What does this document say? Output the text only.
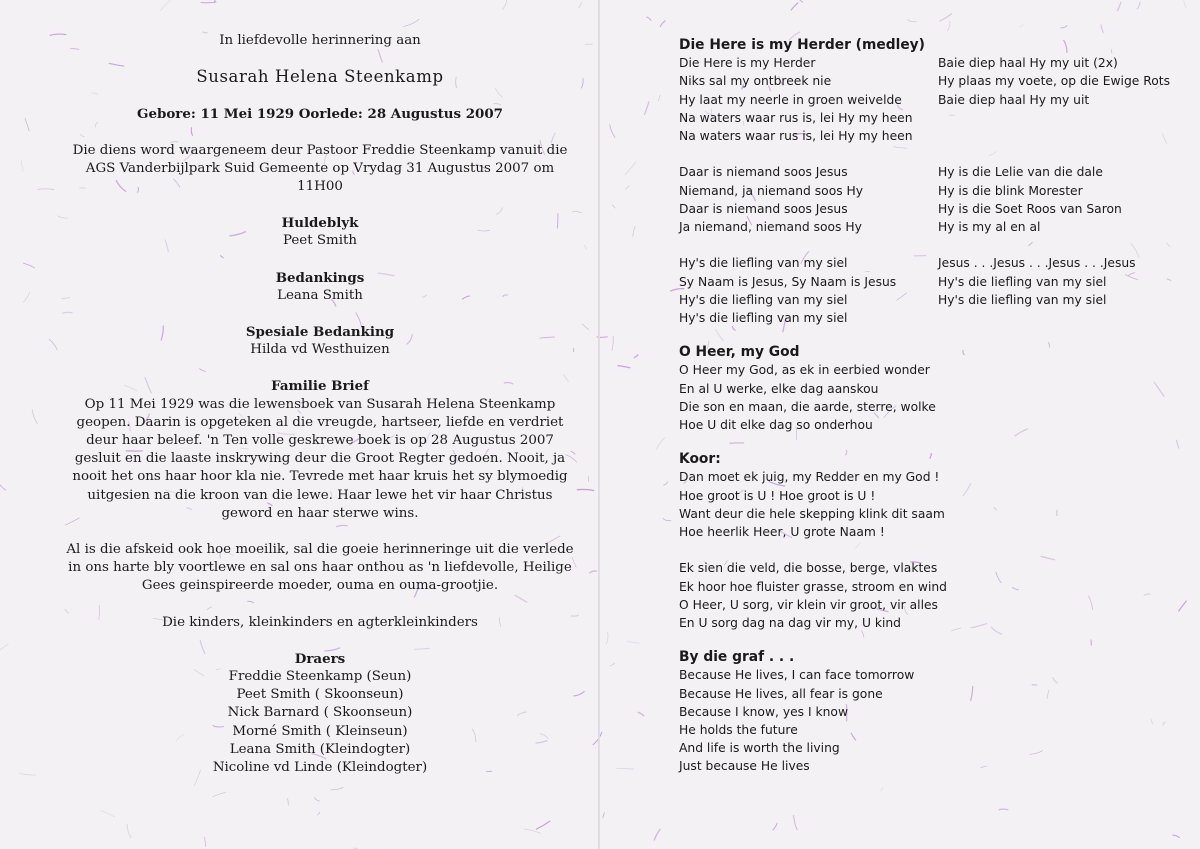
In liefdevolle herinnering aan

Susarah Helena Steenkamp

Gebore: 11 Mei 1929 Oorlede: 28 Augustus 2007

Die diens word waargeneem deur Pastoor Freddie Steenkamp vanuit die AGS Vanderbijlpark Suid Gemeente op Vrydag 31 Augustus 2007 om 11H00

Huldeblyk

Peet Smith

Bedankings

Leana Smith

Spesiale Bedanking

Hilda vd Westhuizen

Familie Brief

Op 11 Mei 1929 was die lewensboek van Susarah Helena Steenkamp geopen. Daarin is opgeteken al die vreugde, hartseer, liefde en verdriet deur haar beleef. 'n Ten volle geskrewe boek is op 28 Augustus 2007 gesluit en die laaste inskrywing deur die Groot Regter gedoen. Nooit, ja nooit het ons haar hoor kla nie. Tevrede met haar kruis het sy blymoedig uitgesien na die kroon van die lewe. Haar lewe het vir haar Christus geword en haar sterwe wins.

Al is die afskeid ook hoe moeilik, sal die goeie herinneringe uit die verlede in ons harte bly voortlewe en sal ons haar onthou as 'n liefdevolle, Heilige Gees geinspireerde moeder, ouma en ouma-grootjie.

Die kinders, kleinkinders en agterkleinkinders

Draers

Freddie Steenkamp (Seun)

Peet Smith ( Skoonseun)

Nick Barnard ( Skoonseun)

Morné Smith ( Kleinseun)

Leana Smith (Kleindogter)

Nicoline vd Linde (Kleindogter)

Die Here is my Herder (medley)
Die Here is my Herder
Niks sal my ontbreek nie
Hy laat my neerle in groen weivelde
Na waters waar rus is, lei Hy my heen
Na waters waar rus is, lei Hy my heen
Baie diep haal Hy my uit (2x)
Hy plaas my voete, op die Ewige Rots
Baie diep haal Hy my uit
Daar is niemand soos Jesus
Niemand, ja niemand soos Hy
Daar is niemand soos Jesus
Ja niemand, niemand soos Hy
Hy is die Lelie van die dale
Hy is die blink Morester
Hy is die Soet Roos van Saron
Hy is my al en al
Hy's die liefling van my siel
Sy Naam is Jesus, Sy Naam is Jesus
Hy's die liefling van my siel
Hy's die liefling van my siel
Jesus . . .Jesus . . .Jesus . . .Jesus
Hy's die liefling van my siel
Hy's die liefling van my siel
O Heer, my God
O Heer my God, as ek in eerbied wonder
En al U werke, elke dag aanskou
Die son en maan, die aarde, sterre, wolke
Hoe U dit elke dag so onderhou
Koor:
Dan moet ek juig, my Redder en my God !
Hoe groot is U ! Hoe groot is U !
Want deur die hele skepping klink dit saam
Hoe heerlik Heer, U grote Naam !
Ek sien die veld, die bosse, berge, vlaktes
Ek hoor hoe fluister grasse, stroom en wind
O Heer, U sorg, vir klein vir groot, vir alles
En U sorg dag na dag vir my, U kind
By die graf . . .
Because He lives, I can face tomorrow
Because He lives, all fear is gone
Because I know, yes I know
He holds the future
And life is worth the living
Just because He lives
